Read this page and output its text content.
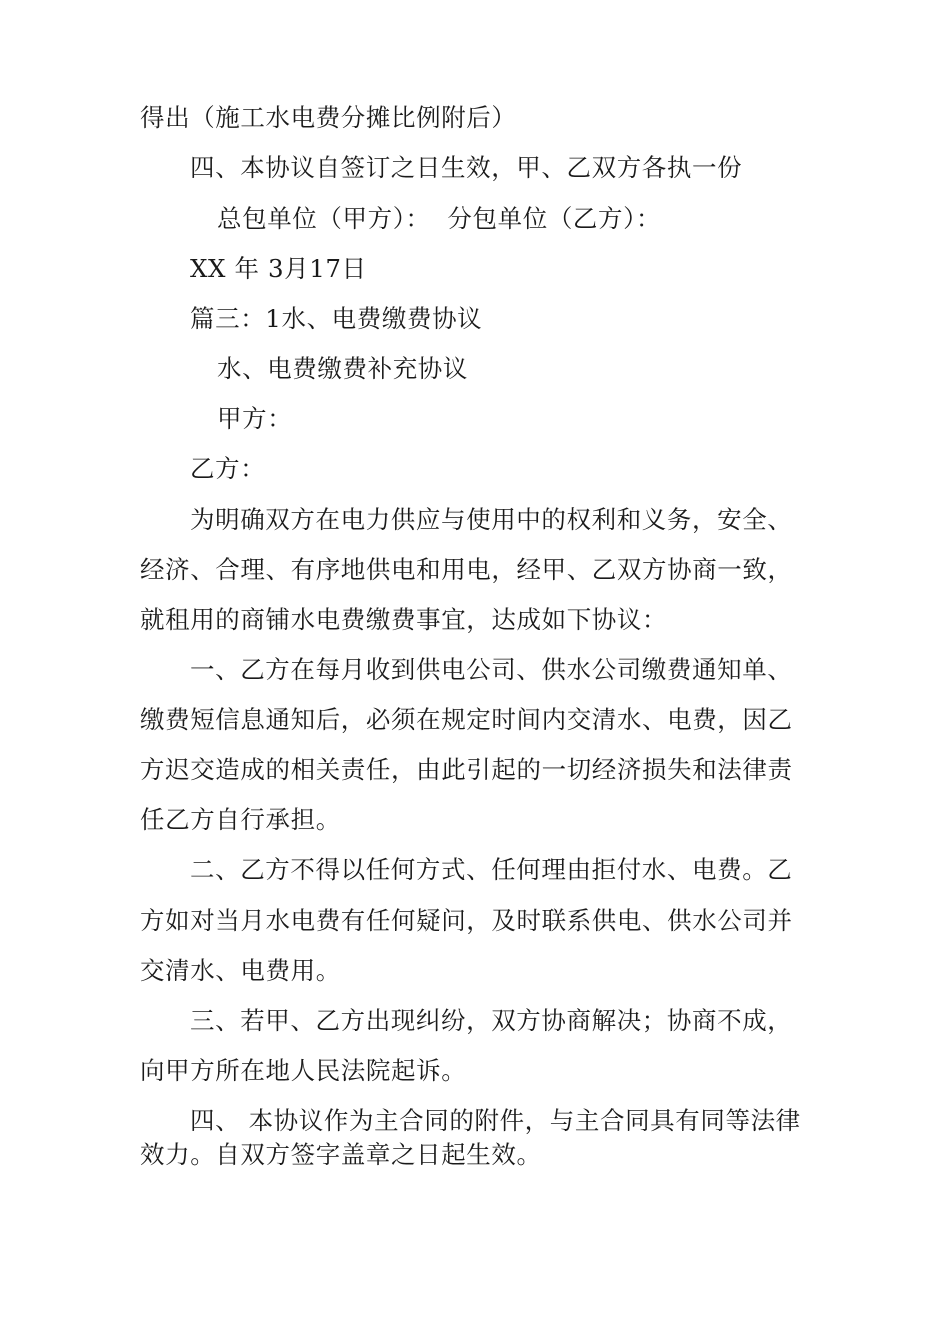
得出（施工水电费分摊比例附后）
四、本协议自签订之日生效，甲、乙双方各执一份
总包单位（甲方）：  分包单位（乙方）：
XX 年 3月17日
篇三：1水、电费缴费协议
水、电费缴费补充协议
甲方：
乙方：
为明确双方在电力供应与使用中的权利和义务，安全、
经济、合理、有序地供电和用电，经甲、乙双方协商一致，
就租用的商铺水电费缴费事宜，达成如下协议：
一、乙方在每月收到供电公司、供水公司缴费通知单、
缴费短信息通知后，必须在规定时间内交清水、电费，因乙
方迟交造成的相关责任，由此引起的一切经济损失和法律责
任乙方自行承担。
二、乙方不得以任何方式、任何理由拒付水、电费。乙
方如对当月水电费有任何疑问，及时联系供电、供水公司并
交清水、电费用。
三、若甲、乙方出现纠纷，双方协商解决；协商不成，
向甲方所在地人民法院起诉。
四、 本协议作为主合同的附件，与主合同具有同等法律
效力。自双方签字盖章之日起生效。
